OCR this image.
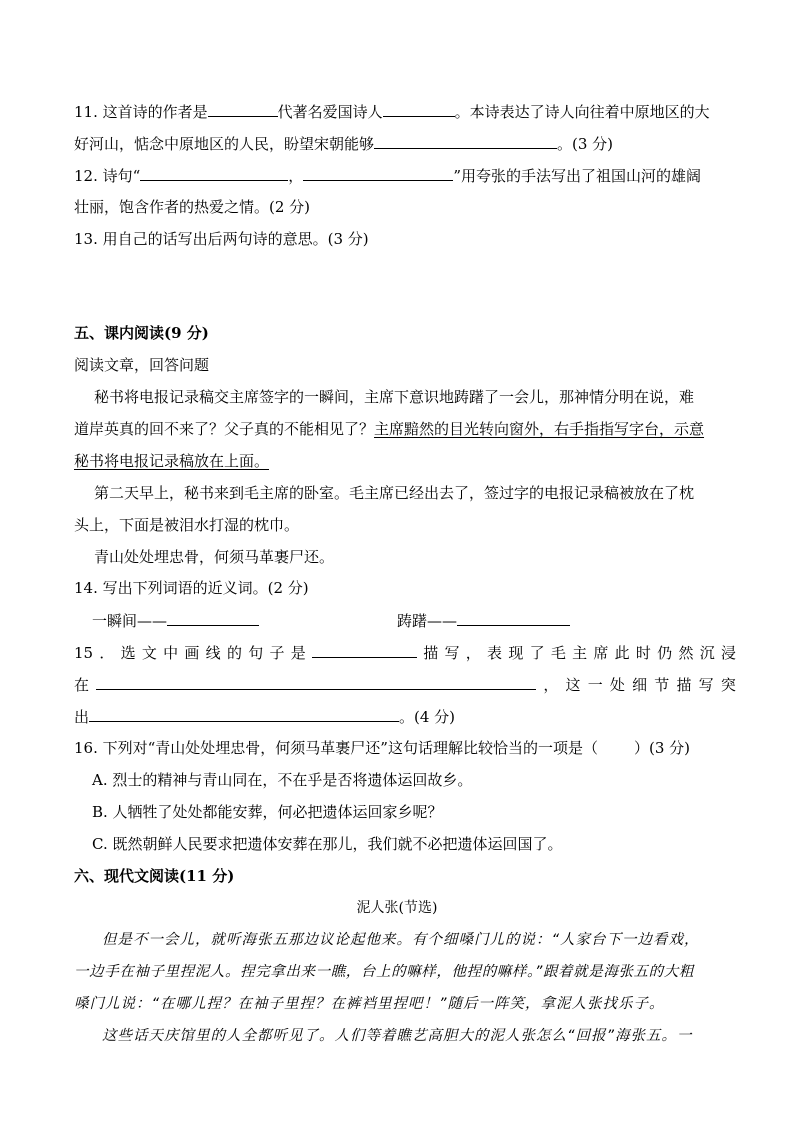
11. 这首诗的作者是	代著名爱国诗人	。本诗表达了诗人向往着中原地区的大
好河山，惦念中原地区的人民，盼望宋朝能够	。(3 分)
12. 诗句“	，	”用夸张的手法写出了祖国山河的雄阔
壮丽，饱含作者的热爱之情。(2 分)
13. 用自己的话写出后两句诗的意思。(3 分)
五、课内阅读(9 分)
阅读文章，回答问题
秘书将电报记录稿交主席签字的一瞬间，主席下意识地踌躇了一会儿，那神情分明在说，难
道岸英真的回不来了？父子真的不能相见了？主席黯然的目光转向窗外，右手指指写字台，示意
秘书将电报记录稿放在上面。
第二天早上，秘书来到毛主席的卧室。毛主席已经出去了，签过字的电报记录稿被放在了枕
头上，下面是被泪水打湿的枕巾。
青山处处埋忠骨，何须马革裹尸还。
14. 写出下列词语的近义词。(2 分)
一瞬间——	踌躇——
15 ． 选 文 中 画 线 的 句 子 是	描 写 ， 表 现 了 毛 主 席 此 时 仍 然 沉 浸
在	， 这 一 处 细 节 描 写 突
出	。(4 分)
16. 下列对“青山处处埋忠骨，何须马革裹尸还”这句话理解比较恰当的一项是（ ）(3 分)
A. 烈士的精神与青山同在，不在乎是否将遗体运回故乡。
B. 人牺牲了处处都能安葬，何必把遗体运回家乡呢？
C. 既然朝鲜人民要求把遗体安葬在那儿，我们就不必把遗体运回国了。
六、现代文阅读(11 分)
泥人张(节选)
但是不一会儿，就听海张五那边议论起他来。有个细嗓门儿的说：“人家台下一边看戏，
一边手在袖子里捏泥人。捏完拿出来一瞧，台上的嘛样，他捏的嘛样。”跟着就是海张五的大粗
嗓门儿说：“在哪儿捏？在袖子里捏？在裤裆里捏吧！”随后一阵笑，拿泥人张找乐子。
这些话天庆馆里的人全都听见了。人们等着瞧艺高胆大的泥人张怎么“回报”海张五。一
